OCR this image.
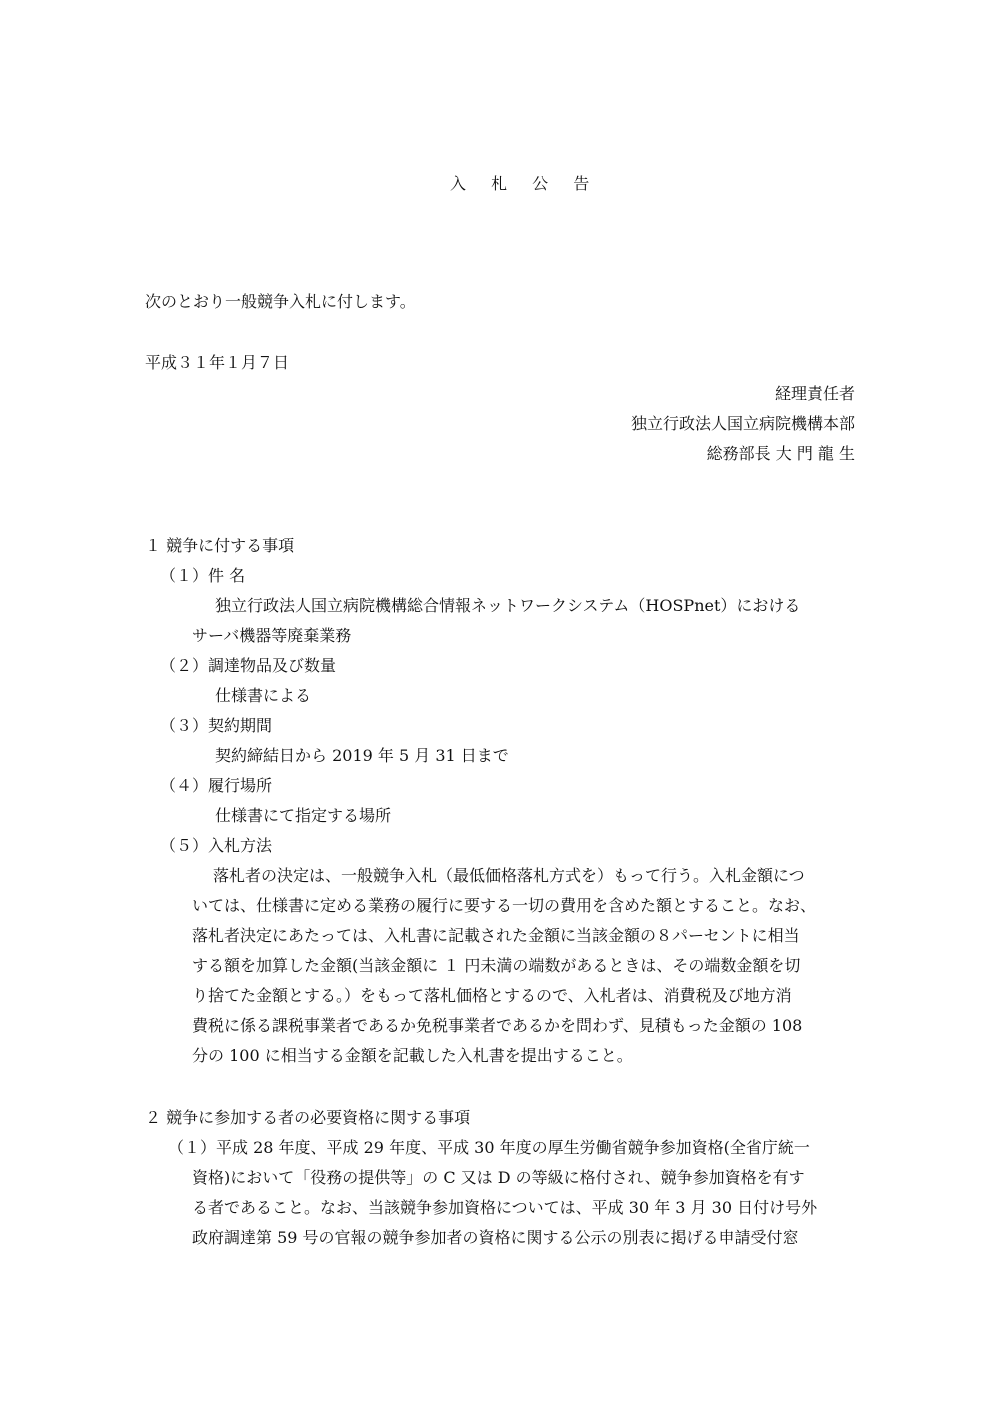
入 札 公 告
次のとおり一般競争入札に付します。
平成３１年１月７日
経理責任者
独立行政法人国立病院機構本部
総務部長 大 門 龍 生
１ 競争に付する事項
（１）件 名
独立行政法人国立病院機構総合情報ネットワークシステム（HOSPnet）における
サーバ機器等廃棄業務
（２）調達物品及び数量
仕様書による
（３）契約期間
契約締結日から 2019 年 5 月 31 日まで
（４）履行場所
仕様書にて指定する場所
（５）入札方法
落札者の決定は、一般競争入札（最低価格落札方式を）もって行う。入札金額につ
いては、仕様書に定める業務の履行に要する一切の費用を含めた額とすること。なお、
落札者決定にあたっては、入札書に記載された金額に当該金額の８パーセントに相当
する額を加算した金額(当該金額に １ 円未満の端数があるときは、その端数金額を切
り捨てた金額とする。）をもって落札価格とするので、入札者は、消費税及び地方消
費税に係る課税事業者であるか免税事業者であるかを問わず、見積もった金額の 108
分の 100 に相当する金額を記載した入札書を提出すること。
２ 競争に参加する者の必要資格に関する事項
（１）平成 28 年度、平成 29 年度、平成 30 年度の厚生労働省競争参加資格(全省庁統一
資格)において「役務の提供等」の C 又は D の等級に格付され、競争参加資格を有す
る者であること。なお、当該競争参加資格については、平成 30 年 3 月 30 日付け号外
政府調達第 59 号の官報の競争参加者の資格に関する公示の別表に掲げる申請受付窓
